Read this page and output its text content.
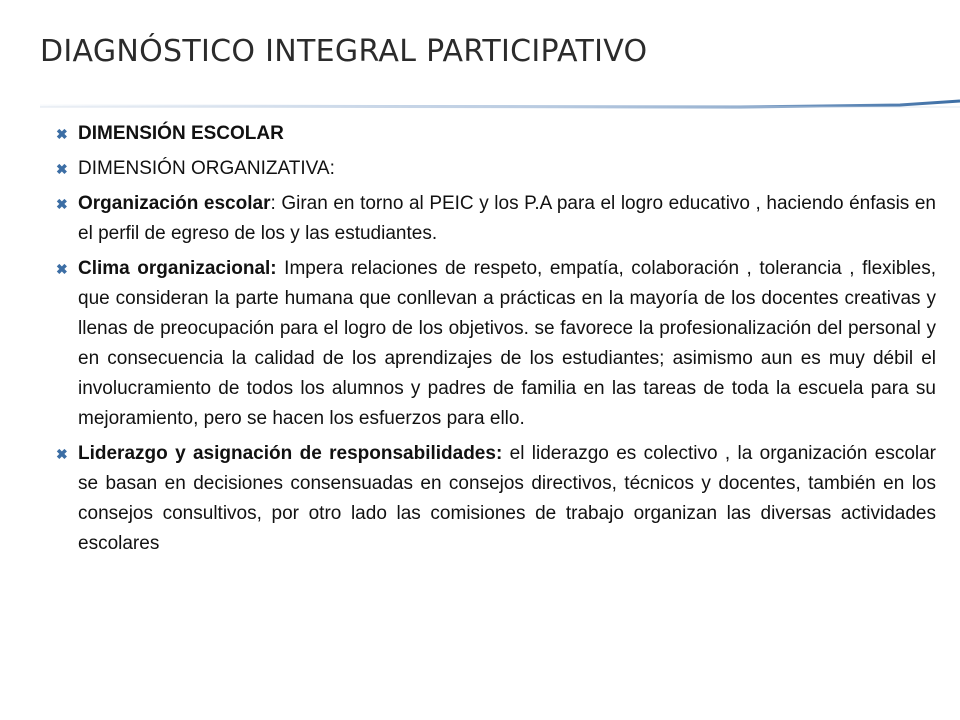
DIAGNÓSTICO INTEGRAL PARTICIPATIVO
✖ DIMENSIÓN ESCOLAR
✖ DIMENSIÓN ORGANIZATIVA:
✖ Organización escolar: Giran en torno al PEIC y los P.A para el logro educativo , haciendo énfasis en el perfil de egreso de los y las estudiantes.
✖ Clima organizacional: Impera relaciones de respeto, empatía, colaboración , tolerancia , flexibles, que consideran la parte humana que conllevan a prácticas en la mayoría de los docentes creativas y llenas de preocupación para el logro de los objetivos. se favorece la profesionalización del personal y en consecuencia la calidad de los aprendizajes de los estudiantes; asimismo aun es muy débil el involucramiento de todos los alumnos y padres de familia en las tareas de toda la escuela para su mejoramiento, pero se hacen los esfuerzos para ello.
✖ Liderazgo y asignación de responsabilidades: el liderazgo es colectivo , la organización escolar se basan en decisiones consensuadas en consejos directivos, técnicos y docentes, también en los consejos consultivos, por otro lado las comisiones de trabajo organizan las diversas actividades escolares
